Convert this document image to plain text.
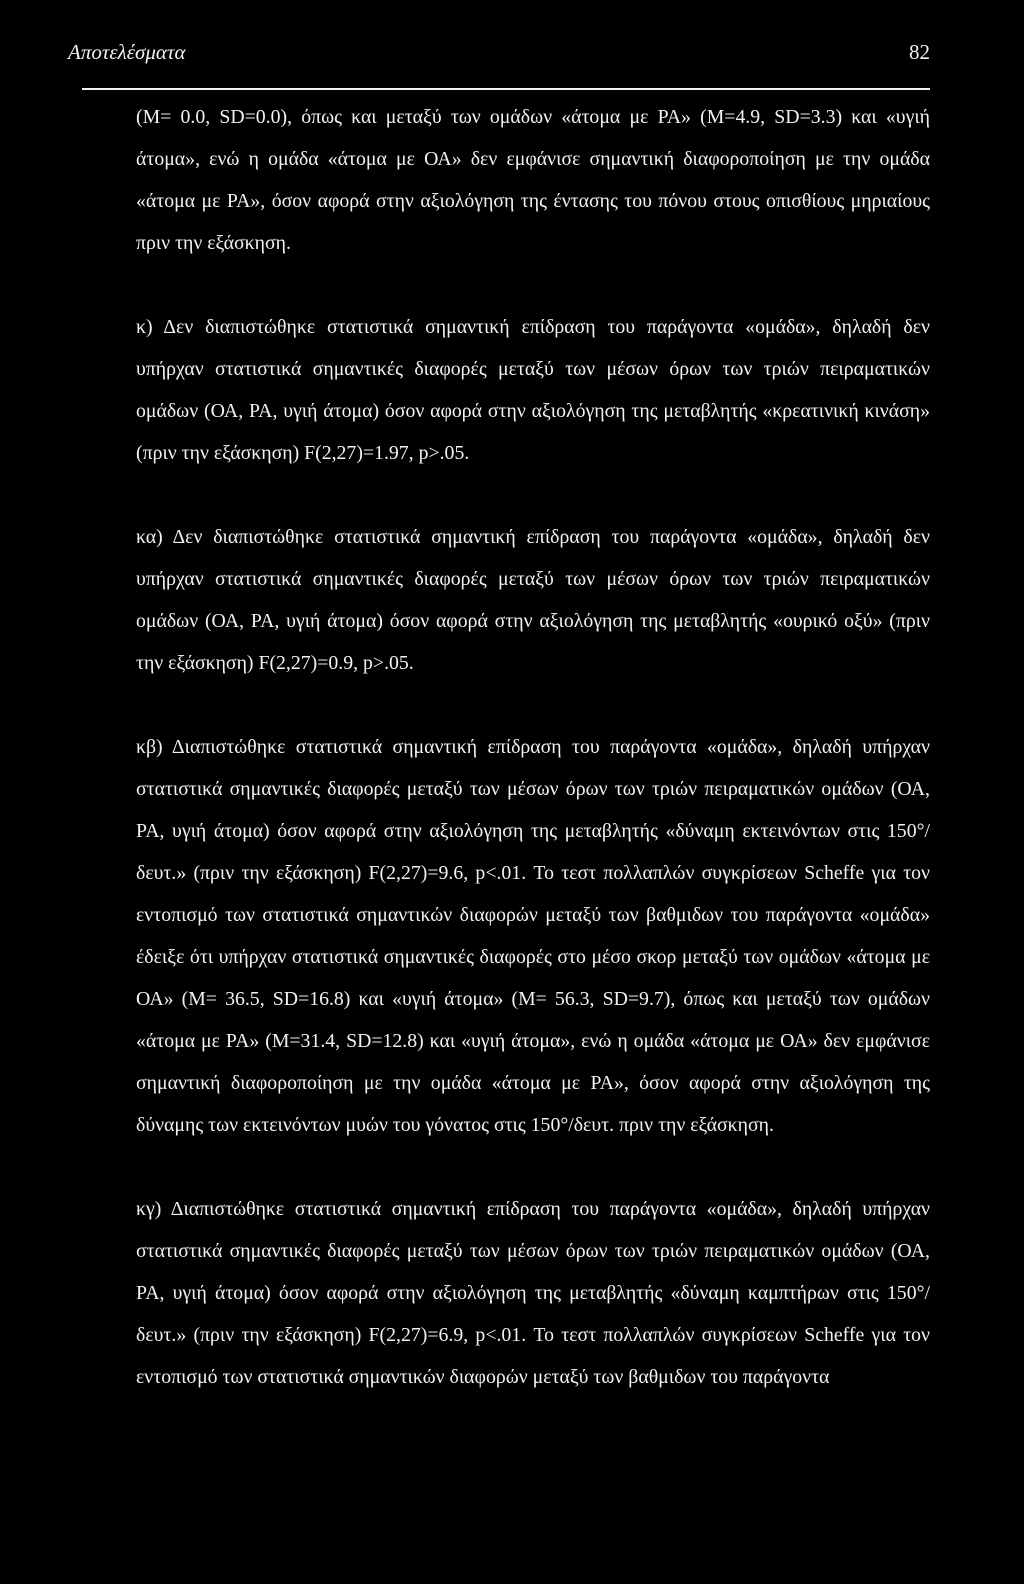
Αποτελέσματα	82

(M= 0.0, SD=0.0), όπως και μεταξύ των ομάδων «άτομα με ΡΑ» (Μ=4.9, SD=3.3) και «υγιή άτομα», ενώ η ομάδα «άτομα με ΟΑ» δεν εμφάνισε σημαντική διαφοροποίηση με την ομάδα «άτομα με ΡΑ», όσον αφορά στην αξιολόγηση της έντασης του πόνου στους οπισθίους μηριαίους πριν την εξάσκηση.

κ) Δεν διαπιστώθηκε στατιστικά σημαντική επίδραση του παράγοντα «ομάδα», δηλαδή δεν υπήρχαν στατιστικά σημαντικές διαφορές μεταξύ των μέσων όρων των τριών πειραματικών ομάδων (ΟΑ, ΡΑ, υγιή άτομα) όσον αφορά στην αξιολόγηση της μεταβλητής «κρεατινική κινάση» (πριν την εξάσκηση) F(2,27)=1.97, p>.05.

κα) Δεν διαπιστώθηκε στατιστικά σημαντική επίδραση του παράγοντα «ομάδα», δηλαδή δεν υπήρχαν στατιστικά σημαντικές διαφορές μεταξύ των μέσων όρων των τριών πειραματικών ομάδων (ΟΑ, ΡΑ, υγιή άτομα) όσον αφορά στην αξιολόγηση της μεταβλητής «ουρικό οξύ» (πριν την εξάσκηση) F(2,27)=0.9, p>.05.

κβ) Διαπιστώθηκε στατιστικά σημαντική επίδραση του παράγοντα «ομάδα», δηλαδή υπήρχαν στατιστικά σημαντικές διαφορές μεταξύ των μέσων όρων των τριών πειραματικών ομάδων (ΟΑ, ΡΑ, υγιή άτομα) όσον αφορά στην αξιολόγηση της μεταβλητής «δύναμη εκτεινόντων στις 150°/δευτ.» (πριν την εξάσκηση) F(2,27)=9.6, p<.01. Το τεστ πολλαπλών συγκρίσεων Scheffe για τον εντοπισμό των στατιστικά σημαντικών διαφορών μεταξύ των βαθμιδων του παράγοντα «ομάδα» έδειξε ότι υπήρχαν στατιστικά σημαντικές διαφορές στο μέσο σκορ μεταξύ των ομάδων «άτομα με ΟΑ» (M= 36.5, SD=16.8) και «υγιή άτομα» (Μ= 56.3, SD=9.7), όπως και μεταξύ των ομάδων «άτομα με ΡΑ» (Μ=31.4, SD=12.8) και «υγιή άτομα», ενώ η ομάδα «άτομα με ΟΑ» δεν εμφάνισε σημαντική διαφοροποίηση με την ομάδα «άτομα με ΡΑ», όσον αφορά στην αξιολόγηση της δύναμης των εκτεινόντων μυών του γόνατος στις 150°/δευτ. πριν την εξάσκηση.

κγ) Διαπιστώθηκε στατιστικά σημαντική επίδραση του παράγοντα «ομάδα», δηλαδή υπήρχαν στατιστικά σημαντικές διαφορές μεταξύ των μέσων όρων των τριών πειραματικών ομάδων (ΟΑ, ΡΑ, υγιή άτομα) όσον αφορά στην αξιολόγηση της μεταβλητής «δύναμη καμπτήρων στις 150°/δευτ.» (πριν την εξάσκηση) F(2,27)=6.9, p<.01. Το τεστ πολλαπλών συγκρίσεων Scheffe για τον εντοπισμό των στατιστικά σημαντικών διαφορών μεταξύ των βαθμιδων του παράγοντα
